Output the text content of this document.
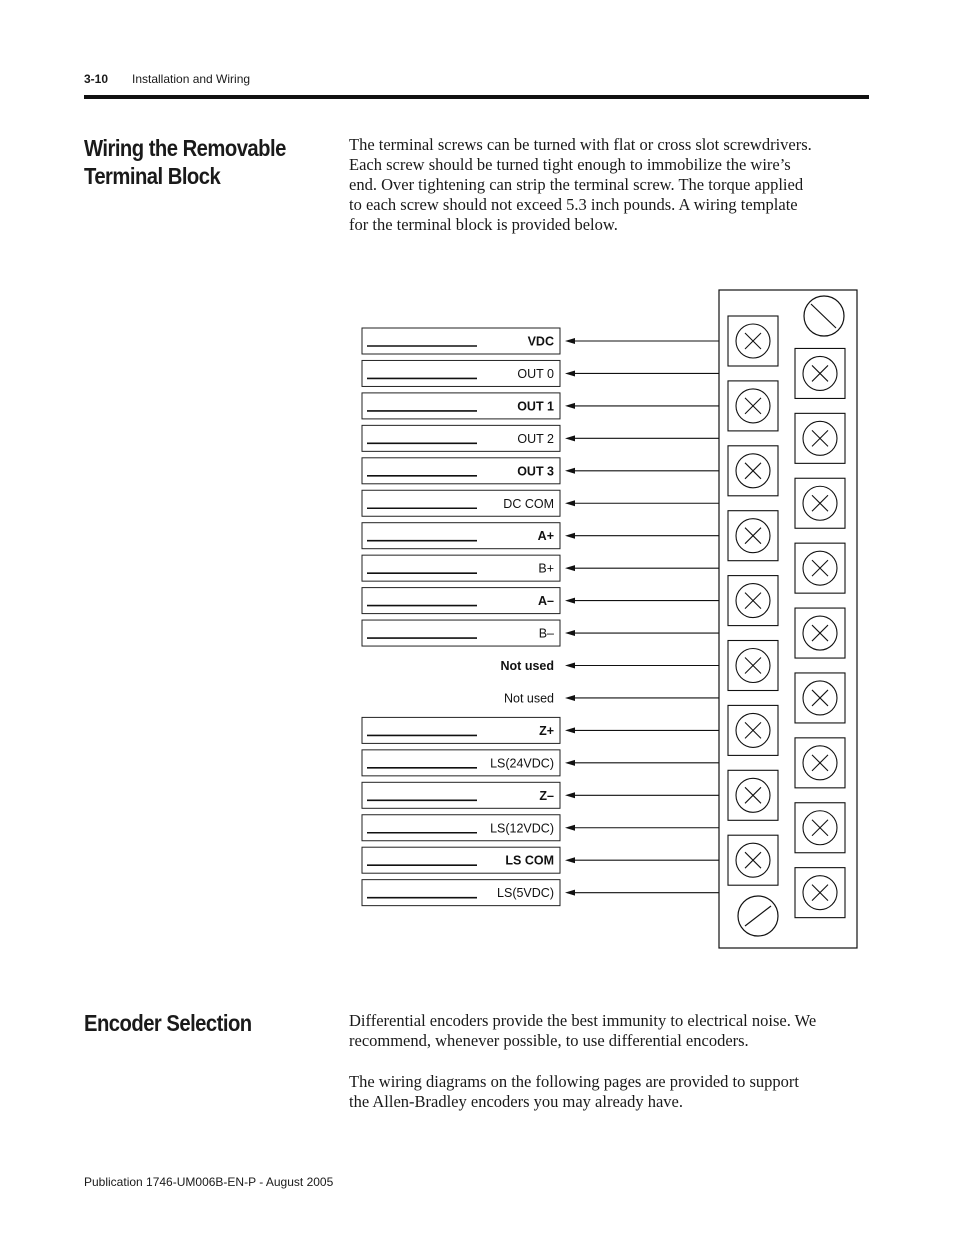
3-10 Installation and Wiring
Wiring the Removable
Terminal Block
The terminal screws can be turned with flat or cross slot screwdrivers.
Each screw should be turned tight enough to immobilize the wire’s
end. Over tightening can strip the terminal screw. The torque applied
to each screw should not exceed 5.3 inch pounds. A wiring template
for the terminal block is provided below.
VDC
OUT 0
OUT 1
OUT 2
OUT 3
DC COM
A+
B+
A–
B–
Not used
Not used
Z+
LS(24VDC)
Z–
LS(12VDC)
LS COM
LS(5VDC)
Encoder Selection	Differential encoders provide the best immunity to electrical noise. We
recommend, whenever possible, to use differential encoders.
The wiring diagrams on the following pages are provided to support
the Allen-Bradley encoders you may already have.
Publication 1746-UM006B-EN-P - August 2005
